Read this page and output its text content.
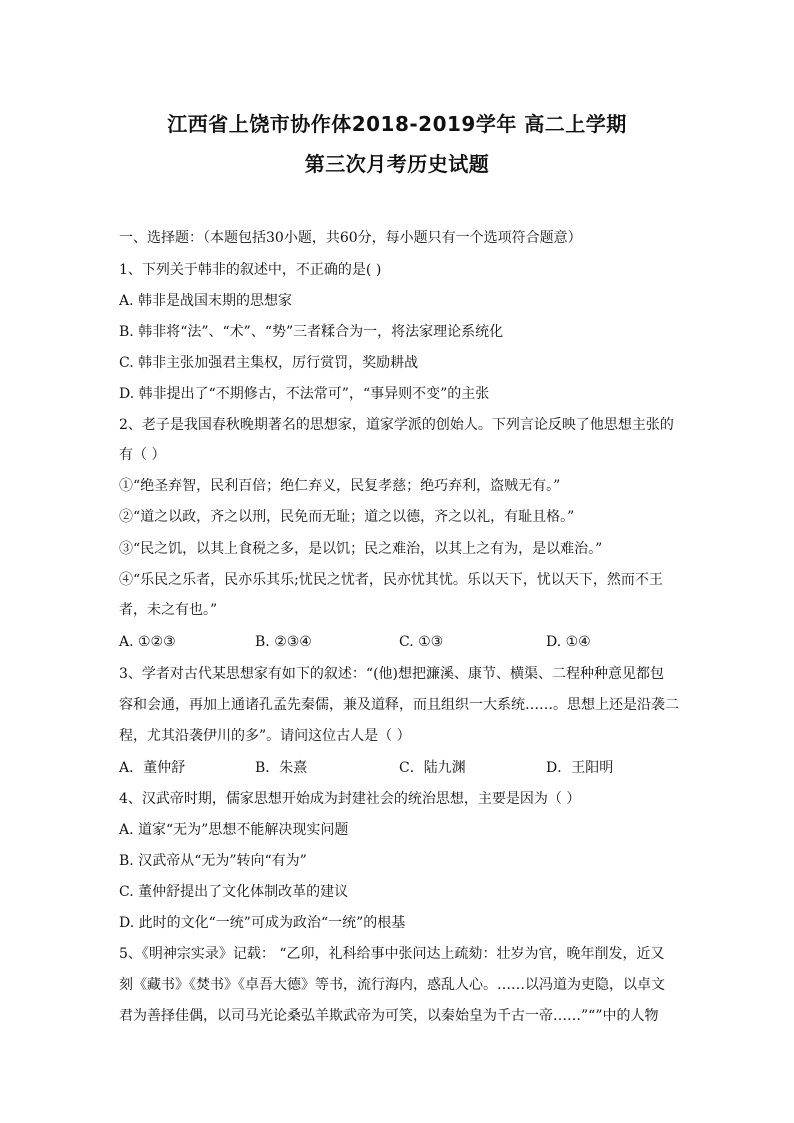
江西省上饶市协作体2018-2019学年 高二上学期
第三次月考历史试题
一、选择题：（本题包括30小题，共60分，每小题只有一个选项符合题意）
1、下列关于韩非的叙述中，不正确的是( )
A. 韩非是战国末期的思想家
B. 韩非将“法”、“术”、“势”三者糅合为一，将法家理论系统化
C. 韩非主张加强君主集权，厉行赏罚，奖励耕战
D. 韩非提出了“不期修古，不法常可”，“事异则不变”的主张
2、老子是我国春秋晚期著名的思想家，道家学派的创始人。下列言论反映了他思想主张的
有（ ）
①“绝圣弃智，民利百倍；绝仁弃义，民复孝慈；绝巧弃利，盗贼无有。”
②“道之以政，齐之以刑，民免而无耻；道之以德，齐之以礼，有耻且格。”
③“民之饥，以其上食税之多，是以饥；民之难治，以其上之有为，是以难治。”
④“乐民之乐者，民亦乐其乐;忧民之忧者，民亦忧其忧。乐以天下，忧以天下，然而不王
者，未之有也。”
A. ①②③	B. ②③④	C. ①③	D. ①④
3、学者对古代某思想家有如下的叙述：“(他)想把濂溪、康节、横渠、二程种种意见都包
容和会通，再加上通诸孔孟先秦儒，兼及道释，而且组织一大系统……。思想上还是沿袭二
程，尤其沿袭伊川的多”。请问这位古人是（ ）
A．董仲舒	B．朱熹	C．陆九渊	D．王阳明
4、汉武帝时期，儒家思想开始成为封建社会的统治思想，主要是因为（ ）
A. 道家“无为”思想不能解决现实问题
B. 汉武帝从“无为”转向“有为”
C. 董仲舒提出了文化体制改革的建议
D. 此时的文化“一统”可成为政治“一统”的根基
5、《明神宗实录》记载： “乙卯，礼科给事中张问达上疏劾：壮岁为官，晚年削发，近又
刻《藏书》《焚书》《卓吾大德》等书，流行海内，惑乱人心。……以冯道为吏隐，以卓文
君为善择佳偶，以司马光论桑弘羊欺武帝为可笑，以秦始皇为千古一帝……”“”中的人物
